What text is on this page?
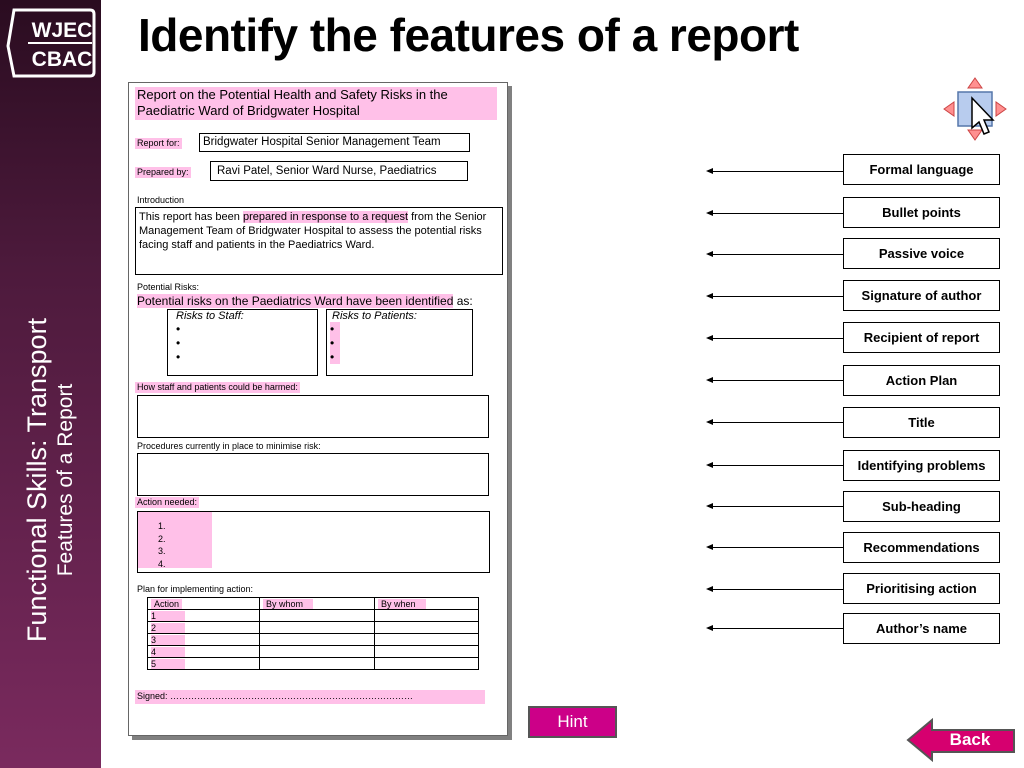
WJEC
CBAC
Functional Skills: Transport Features of a Report
Identify the features of a report
Report on the Potential Health and Safety Risks in the Paediatric Ward of Bridgwater Hospital
Report for:	Bridgwater Hospital Senior Management Team
Prepared by:	Ravi Patel, Senior Ward Nurse, Paediatrics
Introduction
This report has been prepared in response to a request from the Senior Management Team of Bridgwater Hospital to assess the potential risks facing staff and patients in the Paediatrics Ward.
Potential Risks:
Potential risks on the Paediatrics Ward have been identified as:
Risks to Staff:
•
•
•
Risks to Patients:
•
•
•
How staff and patients could be harmed:
Procedures currently in place to minimise risk:
Action needed:
1.
2.
3.
4.
Plan for implementing action:
Action	By whom	By when
1		
2		
3		
4		
5		
Signed: ………………………………………………………………………
Formal language
Bullet points
Passive voice
Signature of author
Recipient of report
Action Plan
Title
Identifying problems
Sub-heading
Recommendations
Prioritising action
Author’s name
Hint
Back
